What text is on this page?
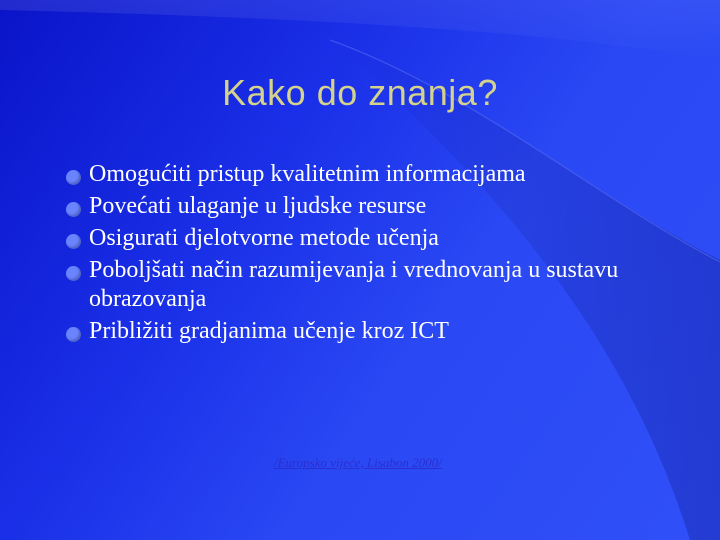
Kako do znanja?
Omogućiti pristup kvalitetnim informacijama
Povećati ulaganje u ljudske resurse
Osigurati djelotvorne metode učenja
Poboljšati način razumijevanja i vrednovanja u sustavu obrazovanja
Približiti gradjanima učenje kroz ICT
/Europsko vijeće, Lisabon 2000/
